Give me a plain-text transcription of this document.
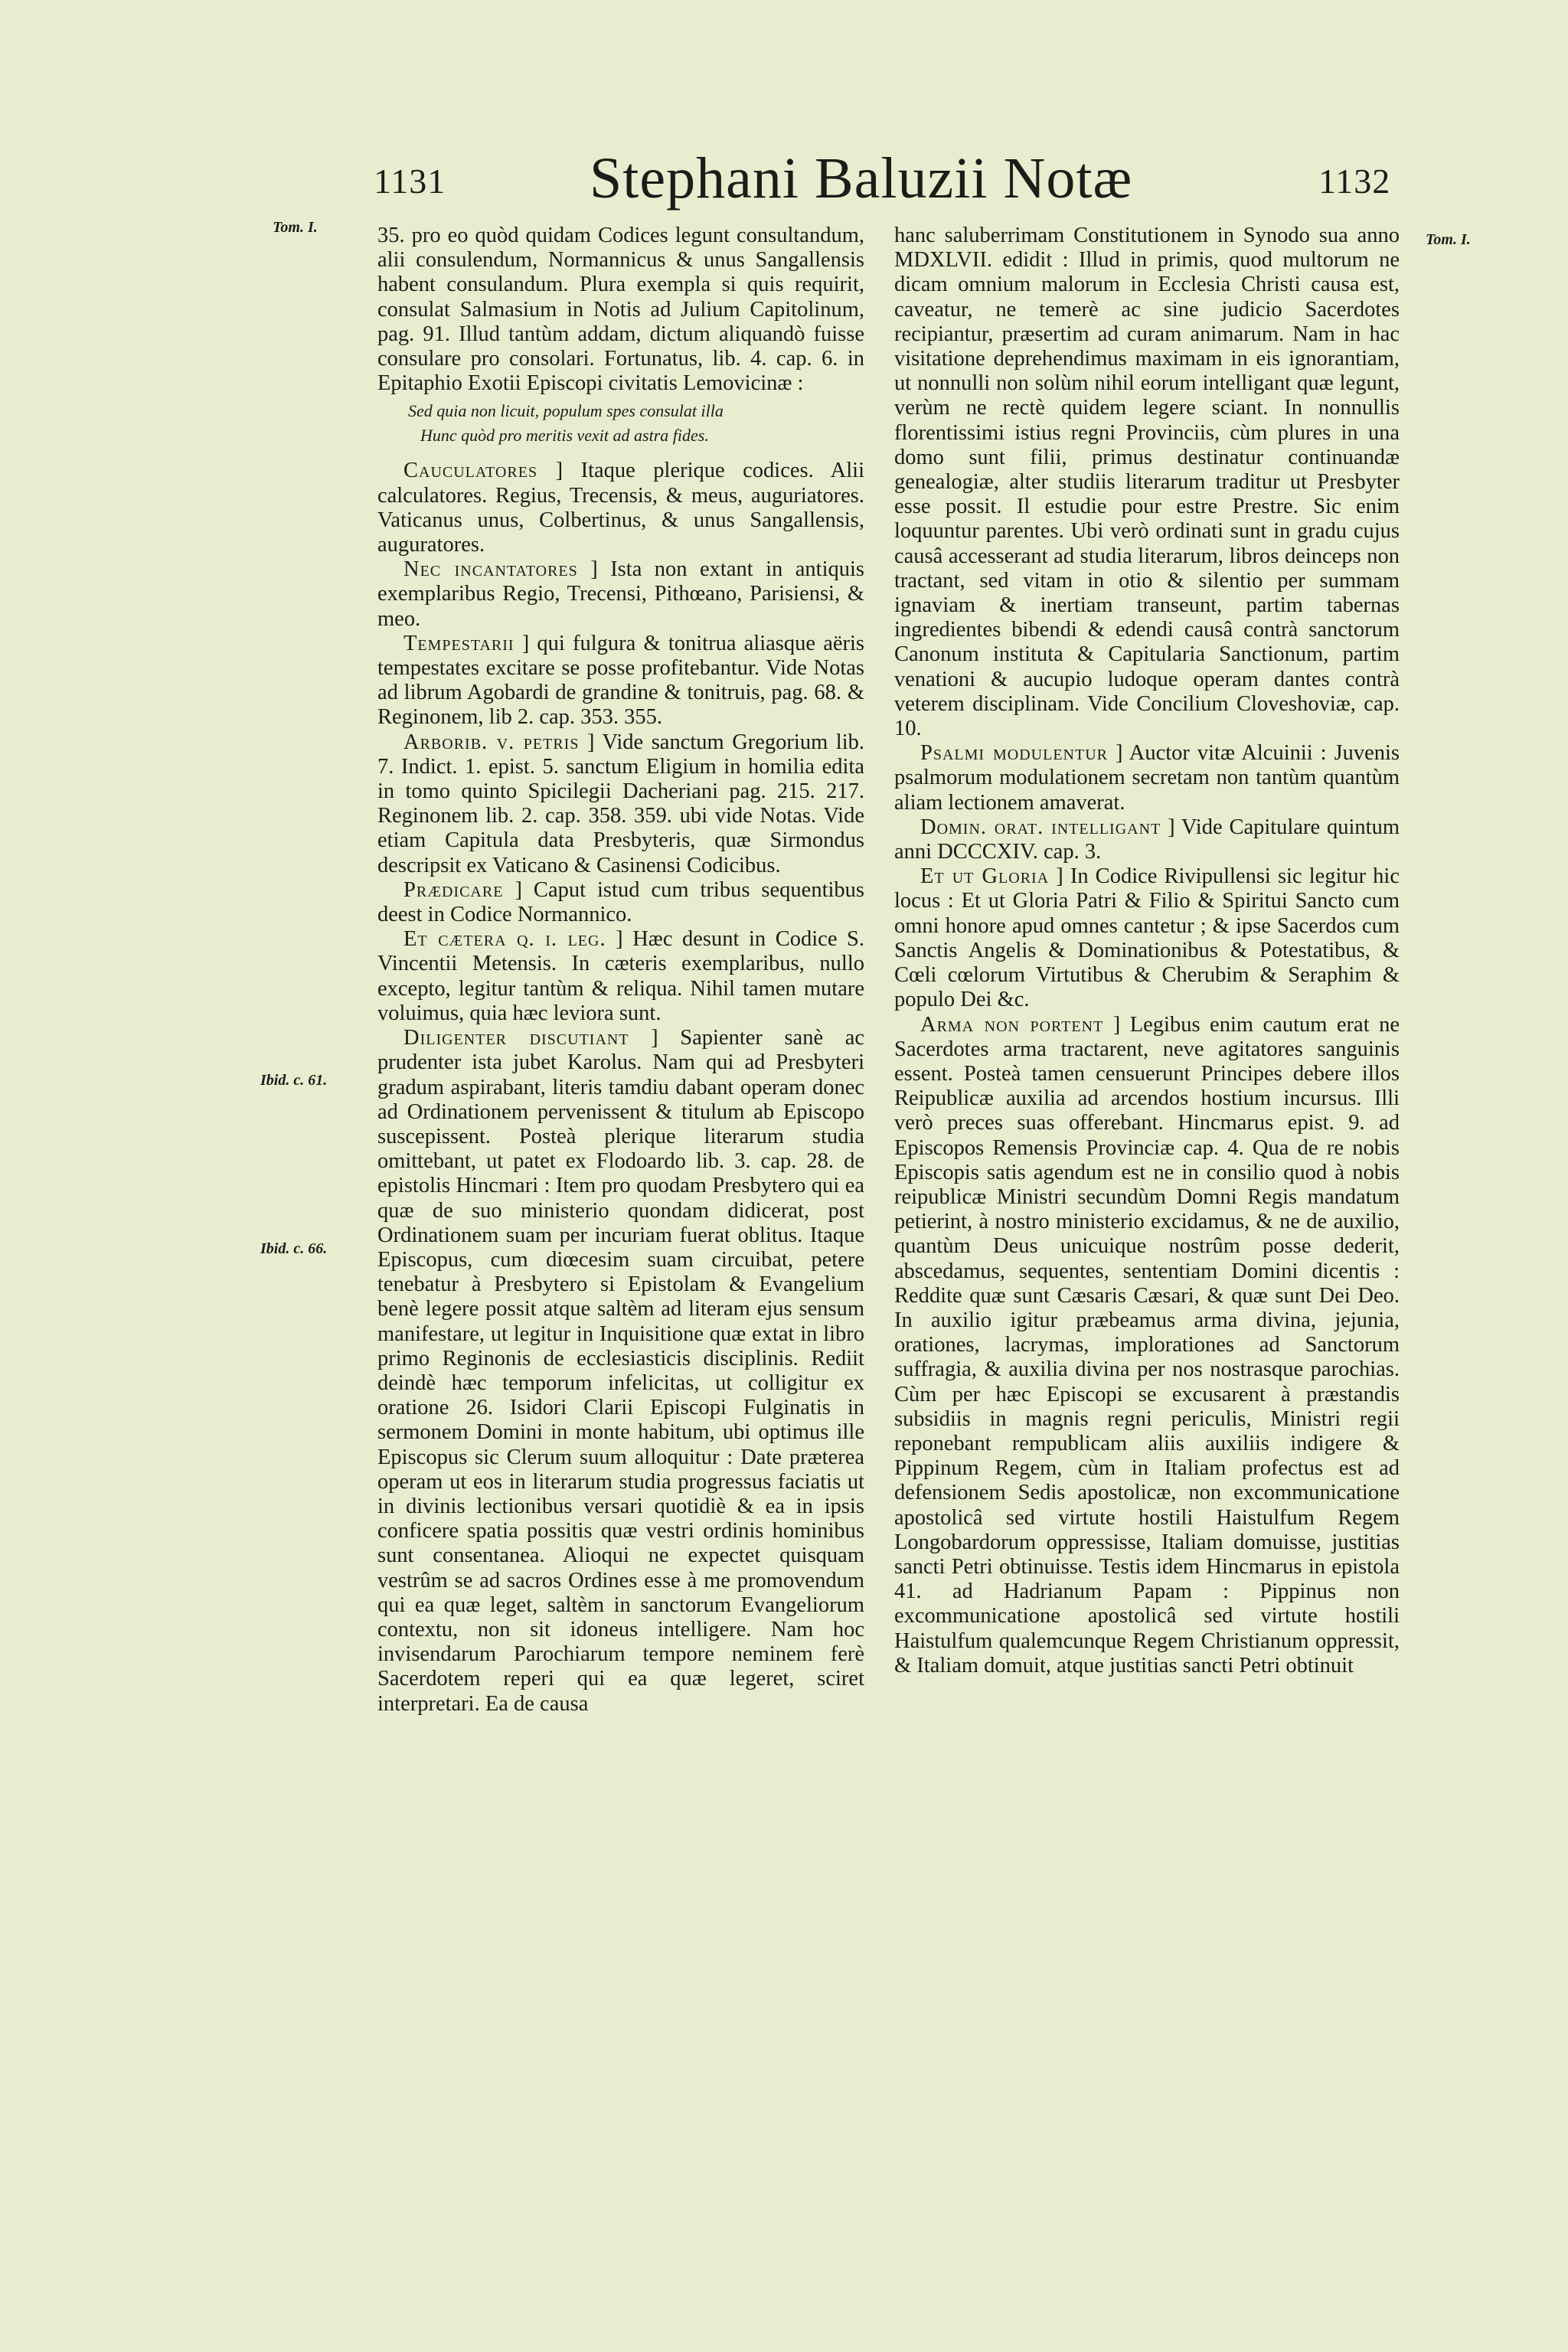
1131 Stephani Baluzii Notæ	1132
Tom. I.
Tom. I.
Ibid. c. 61.
Ibid. c. 66.

35. pro eo quòd quidam Codices legunt consultandum, alii consulendum, Normannicus & unus Sangallensis habent consulandum. Plura exempla si quis requirit, consulat Salmasium in Notis ad Julium Capitolinum, pag. 91. Illud tantùm addam, dictum aliquandò fuisse consulare pro consolari. Fortunatus, lib. 4. cap. 6. in Epitaphio Exotii Episcopi civitatis Lemovicinæ :

Sed quia non licuit, populum spes consulat illa
Hunc quòd pro meritis vexit ad astra fides.

Cauculatores ] Itaque plerique codices. Alii calculatores. Regius, Trecensis, & meus, auguriatores. Vaticanus unus, Colbertinus, & unus Sangallensis, auguratores.

Nec incantatores ] Ista non extant in antiquis exemplaribus Regio, Trecensi, Pithœano, Parisiensi, & meo.

Tempestarii ] qui fulgura & tonitrua aliasque aëris tempestates excitare se posse profitebantur. Vide Notas ad librum Agobardi de grandine & tonitruis, pag. 68. & Reginonem, lib 2. cap. 353. 355.

Arborib. v. petris ] Vide sanctum Gregorium lib. 7. Indict. 1. epist. 5. sanctum Eligium in homilia edita in tomo quinto Spicilegii Dacheriani pag. 215. 217. Reginonem lib. 2. cap. 358. 359. ubi vide Notas. Vide etiam Capitula data Presbyteris, quæ Sirmondus descripsit ex Vaticano & Casinensi Codicibus.

Prædicare ] Caput istud cum tribus sequentibus deest in Codice Normannico.

Et cætera q. i. leg. ] Hæc desunt in Codice S. Vincentii Metensis. In cæteris exemplaribus, nullo excepto, legitur tantùm & reliqua. Nihil tamen mutare voluimus, quia hæc leviora sunt.

Diligenter discutiant ] Sapienter sanè ac prudenter ista jubet Karolus. Nam qui ad Presbyteri gradum aspirabant, literis tamdiu dabant operam donec ad Ordinationem pervenissent & titulum ab Episcopo suscepissent. Posteà plerique literarum studia omittebant, ut patet ex Flodoardo lib. 3. cap. 28. de epistolis Hincmari : Item pro quodam Presbytero qui ea quæ de suo ministerio quondam didicerat, post Ordinationem suam per incuriam fuerat oblitus. Itaque Episcopus, cum diœcesim suam circuibat, petere tenebatur à Presbytero si Epistolam & Evangelium benè legere possit atque saltèm ad literam ejus sensum manifestare, ut legitur in Inquisitione quæ extat in libro primo Reginonis de ecclesiasticis disciplinis. Rediit deindè hæc temporum infelicitas, ut colligitur ex oratione 26. Isidori Clarii Episcopi Fulginatis in sermonem Domini in monte habitum, ubi optimus ille Episcopus sic Clerum suum alloquitur : Date præterea operam ut eos in literarum studia progressus faciatis ut in divinis lectionibus versari quotidiè & ea in ipsis conficere spatia possitis quæ vestri ordinis hominibus sunt consentanea. Alioqui ne expectet quisquam vestrûm se ad sacros Ordines esse à me promovendum qui ea quæ leget, saltèm in sanctorum Evangeliorum contextu, non sit idoneus intelligere. Nam hoc invisendarum Parochiarum tempore neminem ferè Sacerdotem reperi qui ea quæ legeret, sciret interpretari. Ea de causa

hanc saluberrimam Constitutionem in Synodo sua anno MDXLVII. edidit : Illud in primis, quod multorum ne dicam omnium malorum in Ecclesia Christi causa est, caveatur, ne temerè ac sine judicio Sacerdotes recipiantur, præsertim ad curam animarum. Nam in hac visitatione deprehendimus maximam in eis ignorantiam, ut nonnulli non solùm nihil eorum intelligant quæ legunt, verùm ne rectè quidem legere sciant. In nonnullis florentissimi istius regni Provinciis, cùm plures in una domo sunt filii, primus destinatur continuandæ genealogiæ, alter studiis literarum traditur ut Presbyter esse possit. Il estudie pour estre Prestre. Sic enim loquuntur parentes. Ubi verò ordinati sunt in gradu cujus causâ accesserant ad studia literarum, libros deinceps non tractant, sed vitam in otio & silentio per summam ignaviam & inertiam transeunt, partim tabernas ingredientes bibendi & edendi causâ contrà sanctorum Canonum instituta & Capitularia Sanctionum, partim venationi & aucupio ludoque operam dantes contrà veterem disciplinam. Vide Concilium Cloveshoviæ, cap. 10.

Psalmi modulentur ] Auctor vitæ Alcuinii : Juvenis psalmorum modulationem secretam non tantùm quantùm aliam lectionem amaverat.

Domin. orat. intelligant ] Vide Capitulare quintum anni DCCCXIV. cap. 3.

Et ut Gloria ] In Codice Rivipullensi sic legitur hic locus : Et ut Gloria Patri & Filio & Spiritui Sancto cum omni honore apud omnes cantetur ; & ipse Sacerdos cum Sanctis Angelis & Dominationibus & Potestatibus, & Cœli cœlorum Virtutibus & Cherubim & Seraphim & populo Dei &c.

Arma non portent ] Legibus enim cautum erat ne Sacerdotes arma tractarent, neve agitatores sanguinis essent. Posteà tamen censuerunt Principes debere illos Reipublicæ auxilia ad arcendos hostium incursus. Illi verò preces suas offerebant. Hincmarus epist. 9. ad Episcopos Remensis Provinciæ cap. 4. Qua de re nobis Episcopis satis agendum est ne in consilio quod à nobis reipublicæ Ministri secundùm Domni Regis mandatum petierint, à nostro ministerio excidamus, & ne de auxilio, quantùm Deus unicuique nostrûm posse dederit, abscedamus, sequentes, sententiam Domini dicentis : Reddite quæ sunt Cæsaris Cæsari, & quæ sunt Dei Deo. In auxilio igitur præbeamus arma divina, jejunia, orationes, lacrymas, implorationes ad Sanctorum suffragia, & auxilia divina per nos nostrasque parochias. Cùm per hæc Episcopi se excusarent à præstandis subsidiis in magnis regni periculis, Ministri regii reponebant rempublicam aliis auxiliis indigere & Pippinum Regem, cùm in Italiam profectus est ad defensionem Sedis apostolicæ, non excommunicatione apostolicâ sed virtute hostili Haistulfum Regem Longobardorum oppressisse, Italiam domuisse, justitias sancti Petri obtinuisse. Testis idem Hincmarus in epistola 41. ad Hadrianum Papam : Pippinus non excommunicatione apostolicâ sed virtute hostili Haistulfum qualemcunque Regem Christianum oppressit, & Italiam domuit, atque justitias sancti Petri obtinuit
